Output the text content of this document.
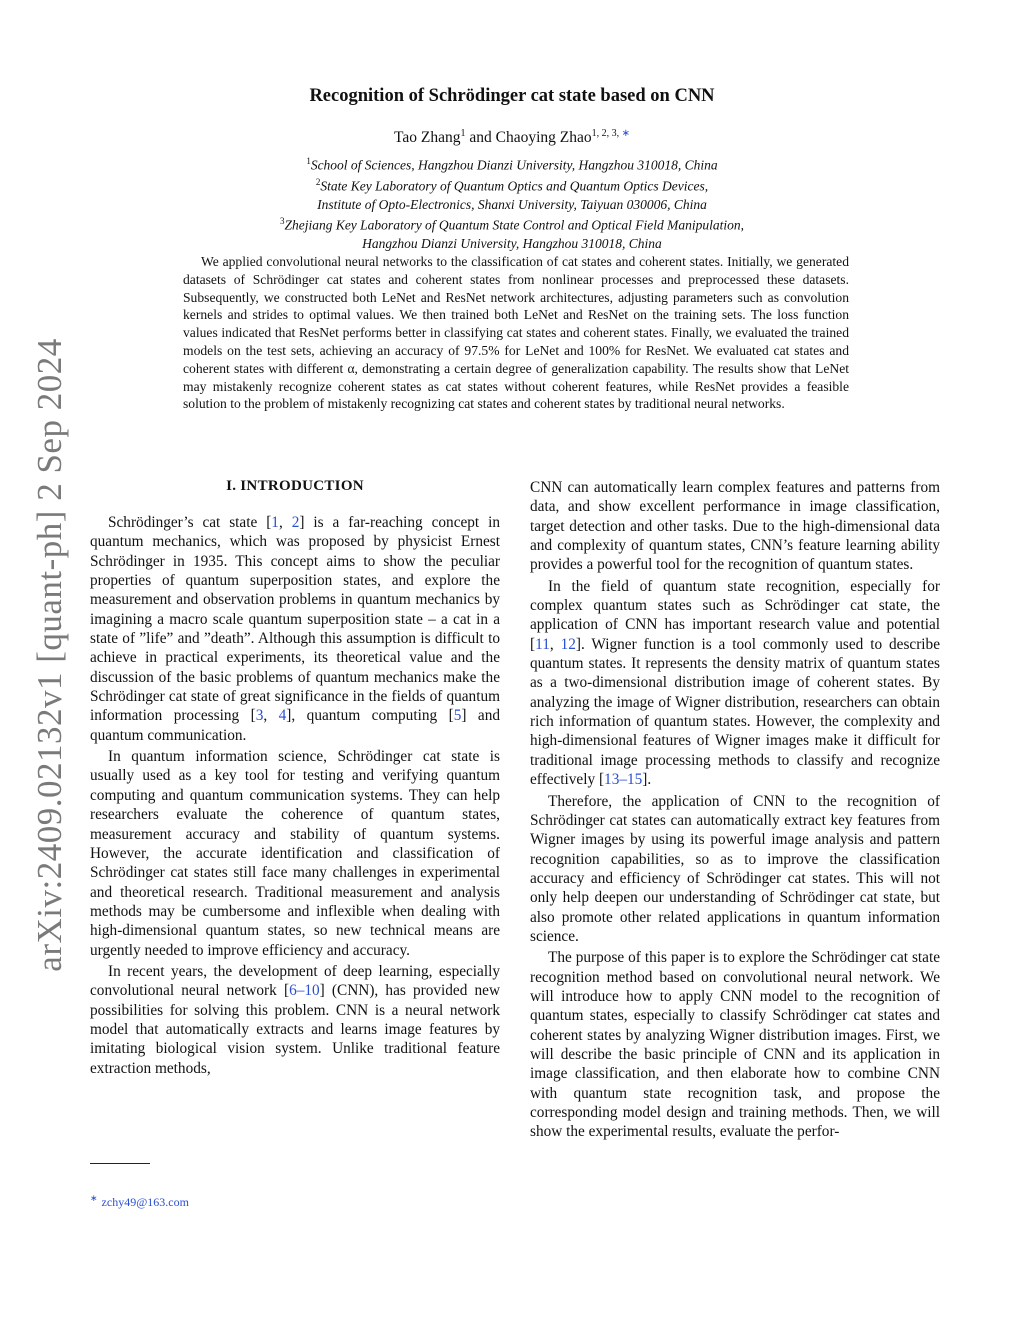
arXiv:2409.02132v1 [quant-ph] 2 Sep 2024
Recognition of Schrödinger cat state based on CNN
Tao Zhang$^1$ and Chaoying Zhao$^{1, 2, 3, ∗}$
$^1$School of Sciences, Hangzhou Dianzi University, Hangzhou 310018, China
$^2$State Key Laboratory of Quantum Optics and Quantum Optics Devices,
Institute of Opto-Electronics, Shanxi University, Taiyuan 030006, China
$^3$Zhejiang Key Laboratory of Quantum State Control and Optical Field Manipulation,
Hangzhou Dianzi University, Hangzhou 310018, China

We applied convolutional neural networks to the classification of cat states and coherent states. Initially, we generated datasets of Schrödinger cat states and coherent states from nonlinear processes and preprocessed these datasets. Subsequently, we constructed both LeNet and ResNet network architectures, adjusting parameters such as convolution kernels and strides to optimal values. We then trained both LeNet and ResNet on the training sets. The loss function values indicated that ResNet performs better in classifying cat states and coherent states. Finally, we evaluated the trained models on the test sets, achieving an accuracy of 97.5% for LeNet and 100% for ResNet. We evaluated cat states and coherent states with different α, demonstrating a certain degree of generalization capability. The results show that LeNet may mistakenly recognize coherent states as cat states without coherent features, while ResNet provides a feasible solution to the problem of mistakenly recognizing cat states and coherent states by traditional neural networks.

I. INTRODUCTION

Schrödinger’s cat state [1, 2] is a far-reaching concept in quantum mechanics, which was proposed by physicist Ernest Schrödinger in 1935. This concept aims to show the peculiar properties of quantum superposition states, and explore the measurement and observation problems in quantum mechanics by imagining a macro scale quantum superposition state – a cat in a state of ”life” and ”death”. Although this assumption is difficult to achieve in practical experiments, its theoretical value and the discussion of the basic problems of quantum mechanics make the Schrödinger cat state of great significance in the fields of quantum information processing [3, 4], quantum computing [5] and quantum communication.

In quantum information science, Schrödinger cat state is usually used as a key tool for testing and verifying quantum computing and quantum communication systems. They can help researchers evaluate the coherence of quantum states, measurement accuracy and stability of quantum systems. However, the accurate identification and classification of Schrödinger cat states still face many challenges in experimental and theoretical research. Traditional measurement and analysis methods may be cumbersome and inflexible when dealing with high-dimensional quantum states, so new technical means are urgently needed to improve efficiency and accuracy.

In recent years, the development of deep learning, especially convolutional neural network [6–10] (CNN), has provided new possibilities for solving this problem. CNN is a neural network model that automatically extracts and learns image features by imitating biological vision system. Unlike traditional feature extraction methods,

CNN can automatically learn complex features and patterns from data, and show excellent performance in image classification, target detection and other tasks. Due to the high-dimensional data and complexity of quantum states, CNN’s feature learning ability provides a powerful tool for the recognition of quantum states.

In the field of quantum state recognition, especially for complex quantum states such as Schrödinger cat state, the application of CNN has important research value and potential [11, 12]. Wigner function is a tool commonly used to describe quantum states. It represents the density matrix of quantum states as a two-dimensional distribution image of coherent states. By analyzing the image of Wigner distribution, researchers can obtain rich information of quantum states. However, the complexity and high-dimensional features of Wigner images make it difficult for traditional image processing methods to classify and recognize effectively [13–15].

Therefore, the application of CNN to the recognition of Schrödinger cat states can automatically extract key features from Wigner images by using its powerful image analysis and pattern recognition capabilities, so as to improve the classification accuracy and efficiency of Schrödinger cat states. This will not only help deepen our understanding of Schrödinger cat state, but also promote other related applications in quantum information science.

The purpose of this paper is to explore the Schrödinger cat state recognition method based on convolutional neural network. We will introduce how to apply CNN model to the recognition of quantum states, especially to classify Schrödinger cat states and coherent states by analyzing Wigner distribution images. First, we will describe the basic principle of CNN and its application in image classification, and then elaborate how to combine CNN with quantum state recognition task, and propose the corresponding model design and training methods. Then, we will show the experimental results, evaluate the perfor-

∗ zchy49@163.com
